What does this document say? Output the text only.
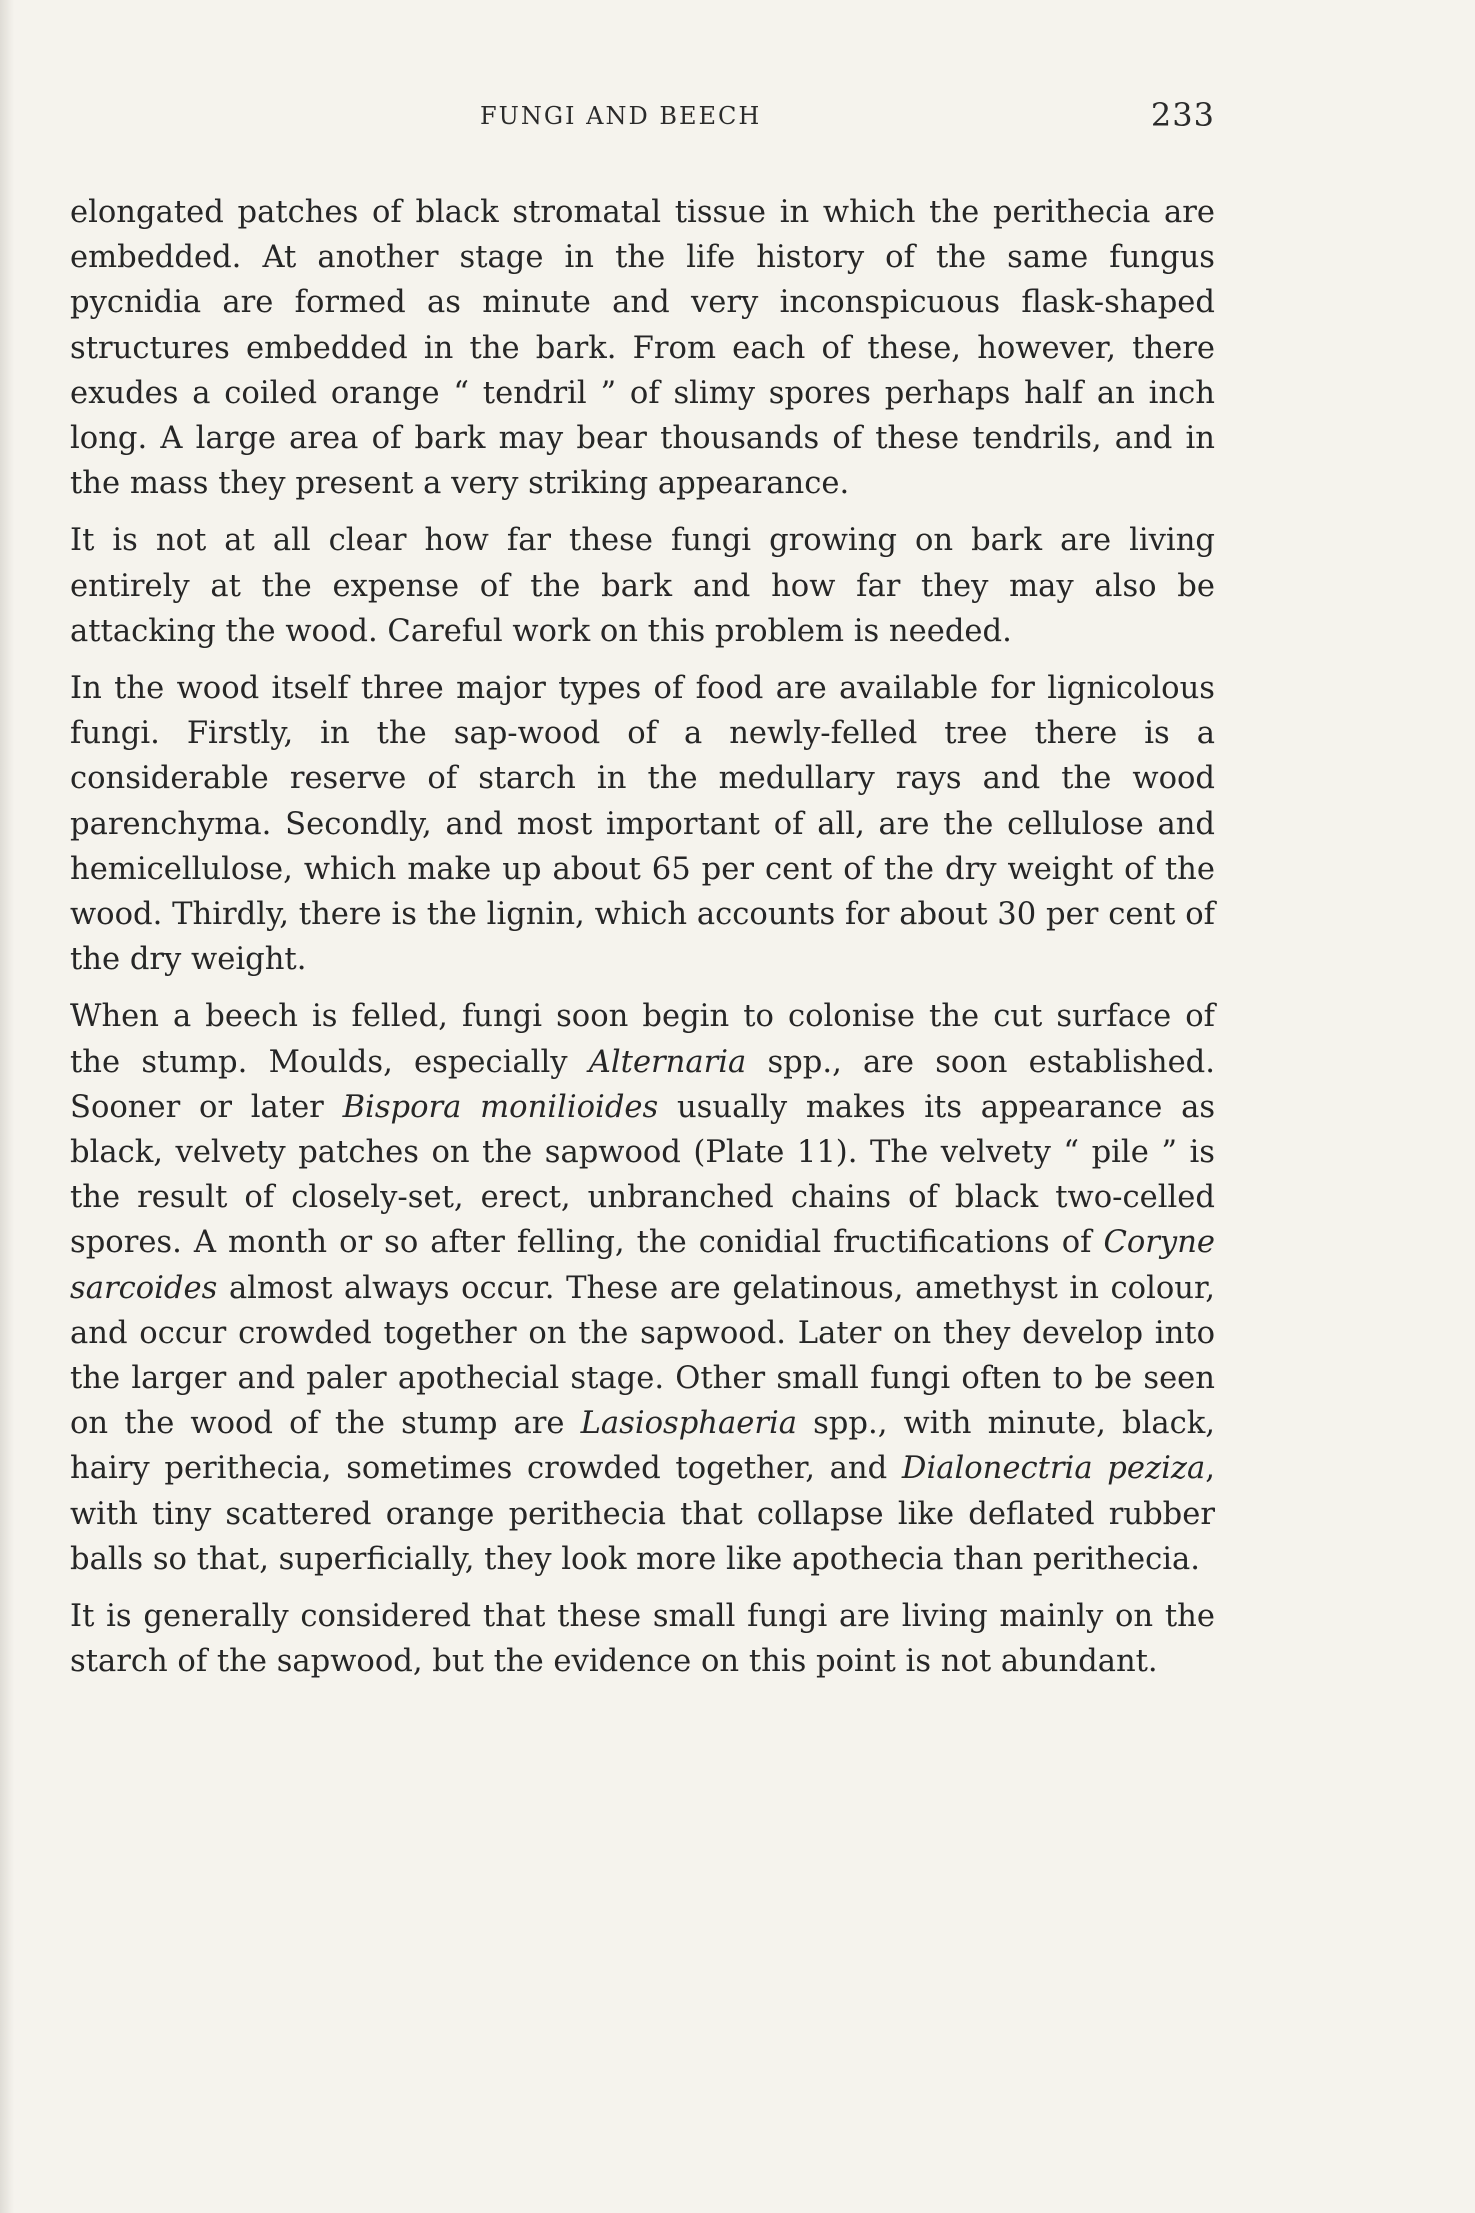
FUNGI AND BEECH	233

elongated patches of black stromatal tissue in which the perithecia are embedded. At another stage in the life history of the same fungus pycnidia are formed as minute and very inconspicuous flask-shaped structures embedded in the bark. From each of these, however, there exudes a coiled orange “ tendril ” of slimy spores perhaps half an inch long. A large area of bark may bear thousands of these tendrils, and in the mass they present a very striking appearance.

It is not at all clear how far these fungi growing on bark are living entirely at the expense of the bark and how far they may also be attacking the wood. Careful work on this problem is needed.

In the wood itself three major types of food are available for lignicolous fungi. Firstly, in the sap-wood of a newly-felled tree there is a considerable reserve of starch in the medullary rays and the wood parenchyma. Secondly, and most important of all, are the cellulose and hemicellulose, which make up about 65 per cent of the dry weight of the wood. Thirdly, there is the lignin, which accounts for about 30 per cent of the dry weight.

When a beech is felled, fungi soon begin to colonise the cut surface of the stump. Moulds, especially Alternaria spp., are soon established. Sooner or later Bispora monilioides usually makes its appearance as black, velvety patches on the sapwood (Plate 11). The velvety “ pile ” is the result of closely-set, erect, unbranched chains of black two-celled spores. A month or so after felling, the conidial fructifications of Coryne sarcoides almost always occur. These are gelatinous, amethyst in colour, and occur crowded together on the sapwood. Later on they develop into the larger and paler apothecial stage. Other small fungi often to be seen on the wood of the stump are Lasiosphaeria spp., with minute, black, hairy perithecia, sometimes crowded together, and Dialonectria peziza, with tiny scattered orange perithecia that collapse like deflated rubber balls so that, superficially, they look more like apothecia than perithecia.

It is generally considered that these small fungi are living mainly on the starch of the sapwood, but the evidence on this point is not abundant.
